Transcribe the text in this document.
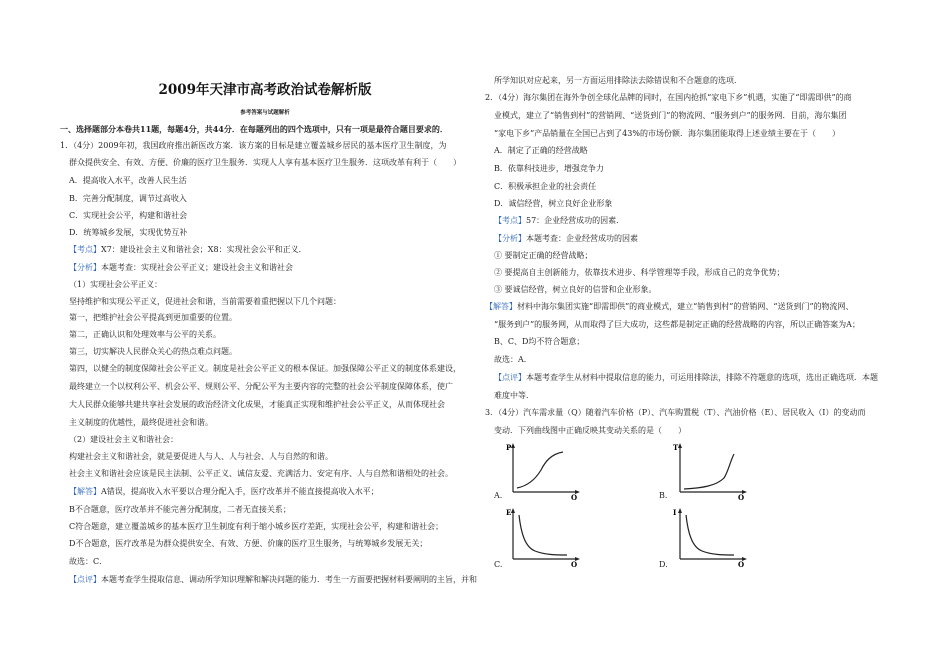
2009年天津市高考政治试卷解析版
参考答案与试题解析
一、选择题部分本卷共11题，每题4分，共44分．在每题列出的四个选项中，只有一项是最符合题目要求的．
1．（4分）2009年初，我国政府推出新医改方案．该方案的目标是建立覆盖城乡居民的基本医疗卫生制度，为
群众提供安全、有效、方便、价廉的医疗卫生服务．实现人人享有基本医疗卫生服务．这项改革有利于（　　）
A．提高收入水平，改善人民生活
B．完善分配制度，调节过高收入
C．实现社会公平，构建和谐社会
D．统筹城乡发展，实现优势互补
【考点】X7：建设社会主义和谐社会；X8：实现社会公平和正义．
【分析】本题考查：实现社会公平正义；建设社会主义和谐社会
（1）实现社会公平正义：
坚持维护和实现公平正义，促进社会和谐，当前需要着重把握以下几个问题：
第一，把维护社会公平提高到更加重要的位置。
第二，正确认识和处理效率与公平的关系。
第三，切实解决人民群众关心的热点难点问题。
第四，以健全的制度保障社会公平正义。制度是社会公平正义的根本保证。加强保障公平正义的制度体系建设，
最终建立一个以权利公平、机会公平、规则公平、分配公平为主要内容的完整的社会公平制度保障体系，使广
大人民群众能够共建共享社会发展的政治经济文化成果，才能真正实现和维护社会公平正义，从而体现社会
主义制度的优越性，最终促进社会和谐。
（2）建设社会主义和谐社会：
构建社会主义和谐社会，就是要促进人与人、人与社会、人与自然的和谐。
社会主义和谐社会应该是民主法制、公平正义、诚信友爱、充满活力、安定有序、人与自然和谐相处的社会。
【解答】A错误，提高收入水平要以合理分配入手，医疗改革并不能直接提高收入水平；
B不合题意，医疗改革并不能完善分配制度，二者无直接关系；
C符合题意，建立覆盖城乡的基本医疗卫生制度有利于缩小城乡医疗差距，实现社会公平，构建和谐社会；
D不合题意，医疗改革是为群众提供安全、有效、方便、价廉的医疗卫生服务，与统筹城乡发展无关；
故选：C．
【点评】本题考查学生提取信息、调动所学知识理解和解决问题的能力．考生一方面要把握材料要阐明的主旨，并和
所学知识对应起来，另一方面运用排除法去除错误和不合题意的选项．
2．（4分）海尔集团在海外争创全球化品牌的同时，在国内抢抓“家电下乡”机遇，实施了“即需即供”的商
业模式，建立了“销售到村”的营销网、“送货到门”的物流网、“服务到户”的服务网．目前，海尔集团
“家电下乡”产品销量在全国已占到了43%的市场份额．海尔集团能取得上述业绩主要在于（　　）
A．制定了正确的经营战略
B．依靠科技进步，增强竞争力
C．积极承担企业的社会责任
D．诚信经营，树立良好企业形象
【考点】57：企业经营成功的因素．
【分析】本题考查：企业经营成功的因素
① 要制定正确的经营战略；
② 要提高自主创新能力，依靠技术进步、科学管理等手段，形成自己的竞争优势；
③ 要诚信经营，树立良好的信誉和企业形象。
【解答】材料中海尔集团实施“即需即供”的商业模式，建立“销售到村”的营销网、“送货到门”的物流网、
“服务到户”的服务网，从而取得了巨大成功，这些都是制定正确的经营战略的内容，所以正确答案为A；
B、C、D均不符合题意；
故选：A．
【点评】本题考查学生从材料中提取信息的能力，可运用排除法，排除不符题意的选项，选出正确选项．本题
难度中等．
3．（4分）汽车需求量（Q）随着汽车价格（P）、汽车购置税（T）、汽油价格（E）、居民收入（I）的变动而
变动．下列曲线图中正确反映其变动关系的是（　　）
A.
P
Q	B.
T
Q
C.
E
Q	D.
I
Q
